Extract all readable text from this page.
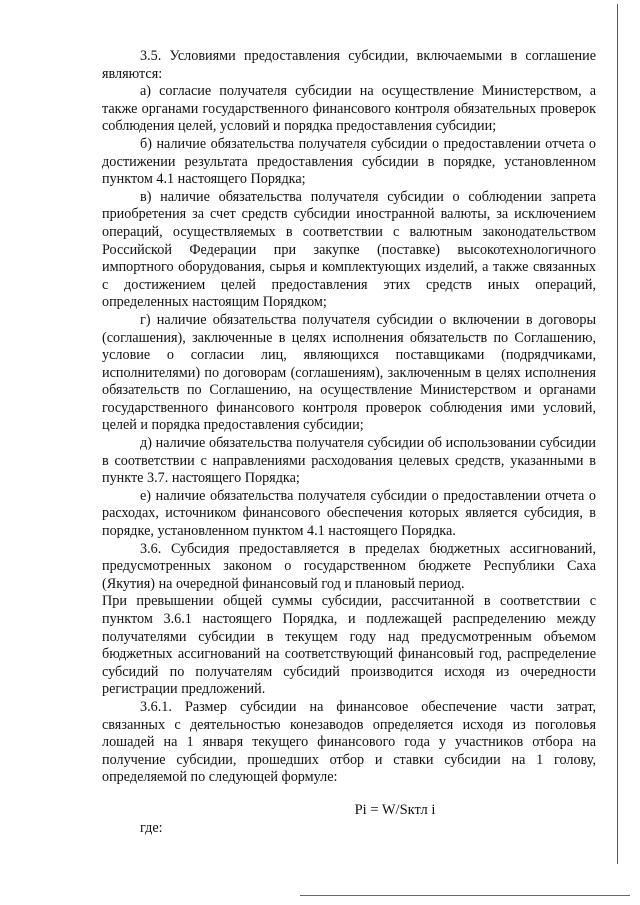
3.5. Условиями предоставления субсидии, включаемыми в соглашение являются:

а) согласие получателя субсидии на осуществление Министерством, а также органами государственного финансового контроля обязательных проверок соблюдения целей, условий и порядка предоставления субсидии;

б) наличие обязательства получателя субсидии о предоставлении отчета о достижении результата предоставления субсидии в порядке, установленном пунктом 4.1 настоящего Порядка;

в) наличие обязательства получателя субсидии о соблюдении запрета приобретения за счет средств субсидии иностранной валюты, за исключением операций, осуществляемых в соответствии с валютным законодательством Российской Федерации при закупке (поставке) высокотехнологичного импортного оборудования, сырья и комплектующих изделий, а также связанных с достижением целей предоставления этих средств иных операций, определенных настоящим Порядком;

г) наличие обязательства получателя субсидии о включении в договоры (соглашения), заключенные в целях исполнения обязательств по Соглашению, условие о согласии лиц, являющихся поставщиками (подрядчиками, исполнителями) по договорам (соглашениям), заключенным в целях исполнения обязательств по Соглашению, на осуществление Министерством и органами государственного финансового контроля проверок соблюдения ими условий, целей и порядка предоставления субсидии;

д) наличие обязательства получателя субсидии об использовании субсидии в соответствии с направлениями расходования целевых средств, указанными в пункте 3.7. настоящего Порядка;

е) наличие обязательства получателя субсидии о предоставлении отчета о расходах, источником финансового обеспечения которых является субсидия, в порядке, установленном пунктом 4.1 настоящего Порядка.

3.6. Субсидия предоставляется в пределах бюджетных ассигнований, предусмотренных законом о государственном бюджете Республики Саха (Якутия) на очередной финансовый год и плановый период.

При превышении общей суммы субсидии, рассчитанной в соответствии с пунктом 3.6.1 настоящего Порядка, и подлежащей распределению между получателями субсидии в текущем году над предусмотренным объемом бюджетных ассигнований на соответствующий финансовый год, распределение субсидий по получателям субсидий производится исходя из очередности регистрации предложений.

3.6.1. Размер субсидии на финансовое обеспечение части затрат, связанных с деятельностью конезаводов определяется исходя из поголовья лошадей на 1 января текущего финансового года у участников отбора на получение субсидии, прошедших отбор и ставки субсидии на 1 голову, определяемой по следующей формуле:

Pi = W/Sктл i
где:
